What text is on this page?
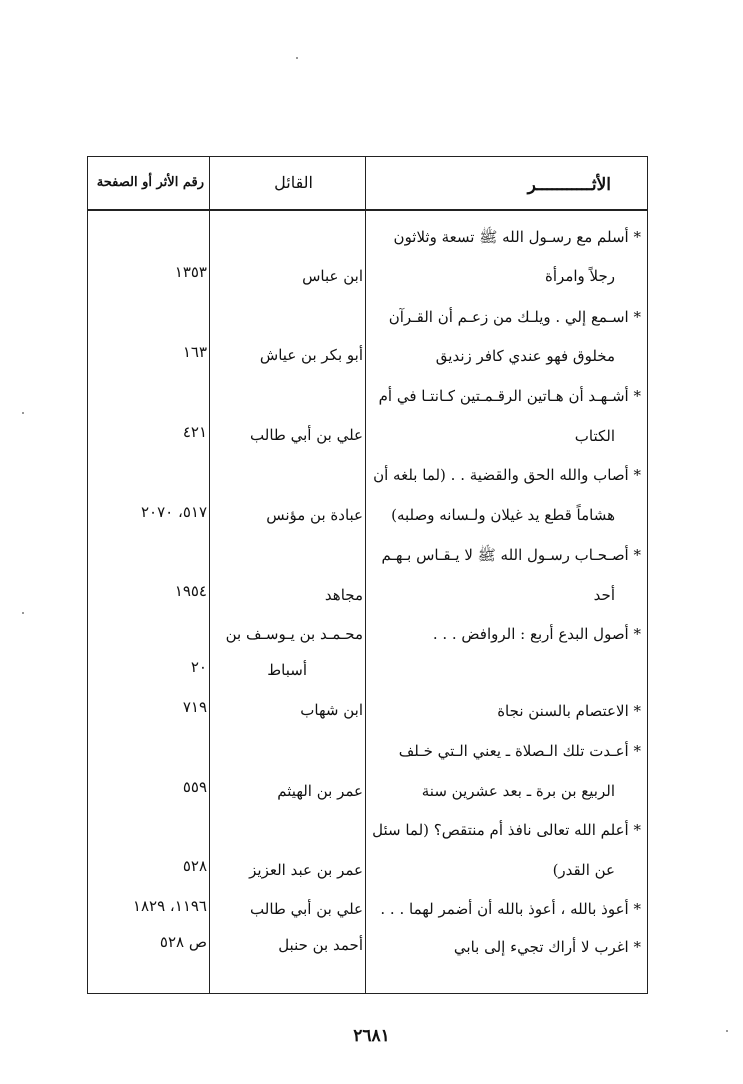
الأثـــــــــــر
القائل
رقم الأثر أو الصفحة
* أسلم مع رسـول الله ﷺ تسعة وثلاثون
رجلاً وامرأة
ابن عباس
١٣٥٣
* اسـمع إلي . ويلـك من زعـم أن القـرآن
مخلوق فهو عندي كافر زنديق
أبو بكر بن عياش
١٦٣
* أشـهـد أن هـاتين الرقـمـتين كـانتـا في أم
الكتاب
علي بن أبي طالب
٤٢١
* أصاب والله الحق والقضية . . (لما بلغه أن
هشاماً قطع يد غيلان ولـسانه وصلبه)
عبادة بن مؤنس
٥١٧، ٢٠٧٠
* أصـحـاب رسـول الله ﷺ لا يـقـاس بـهـم
أحد
مجاهد
١٩٥٤
* أصول البدع أربع : الروافض . . .
محـمـد بن يـوسـف بن
أسباط
٢٠
* الاعتصام بالسنن نجاة
ابن شهاب
٧١٩
* أعـدت تلك الـصلاة ـ يعني الـتي خـلف
الربيع بن برة ـ بعد عشرين سنة
عمر بن الهيثم
٥٥٩
* أعلم الله تعالى نافذ أم منتقص؟ (لما سئل
عن القدر)
عمر بن عبد العزيز
٥٢٨
* أعوذ بالله ، أعوذ بالله أن أضمر لهما . . .
علي بن أبي طالب
١١٩٦، ١٨٢٩
* اغرب لا أراك تجيء إلى بابي
أحمد بن حنبل
ص ٥٢٨
٢٦٨١
